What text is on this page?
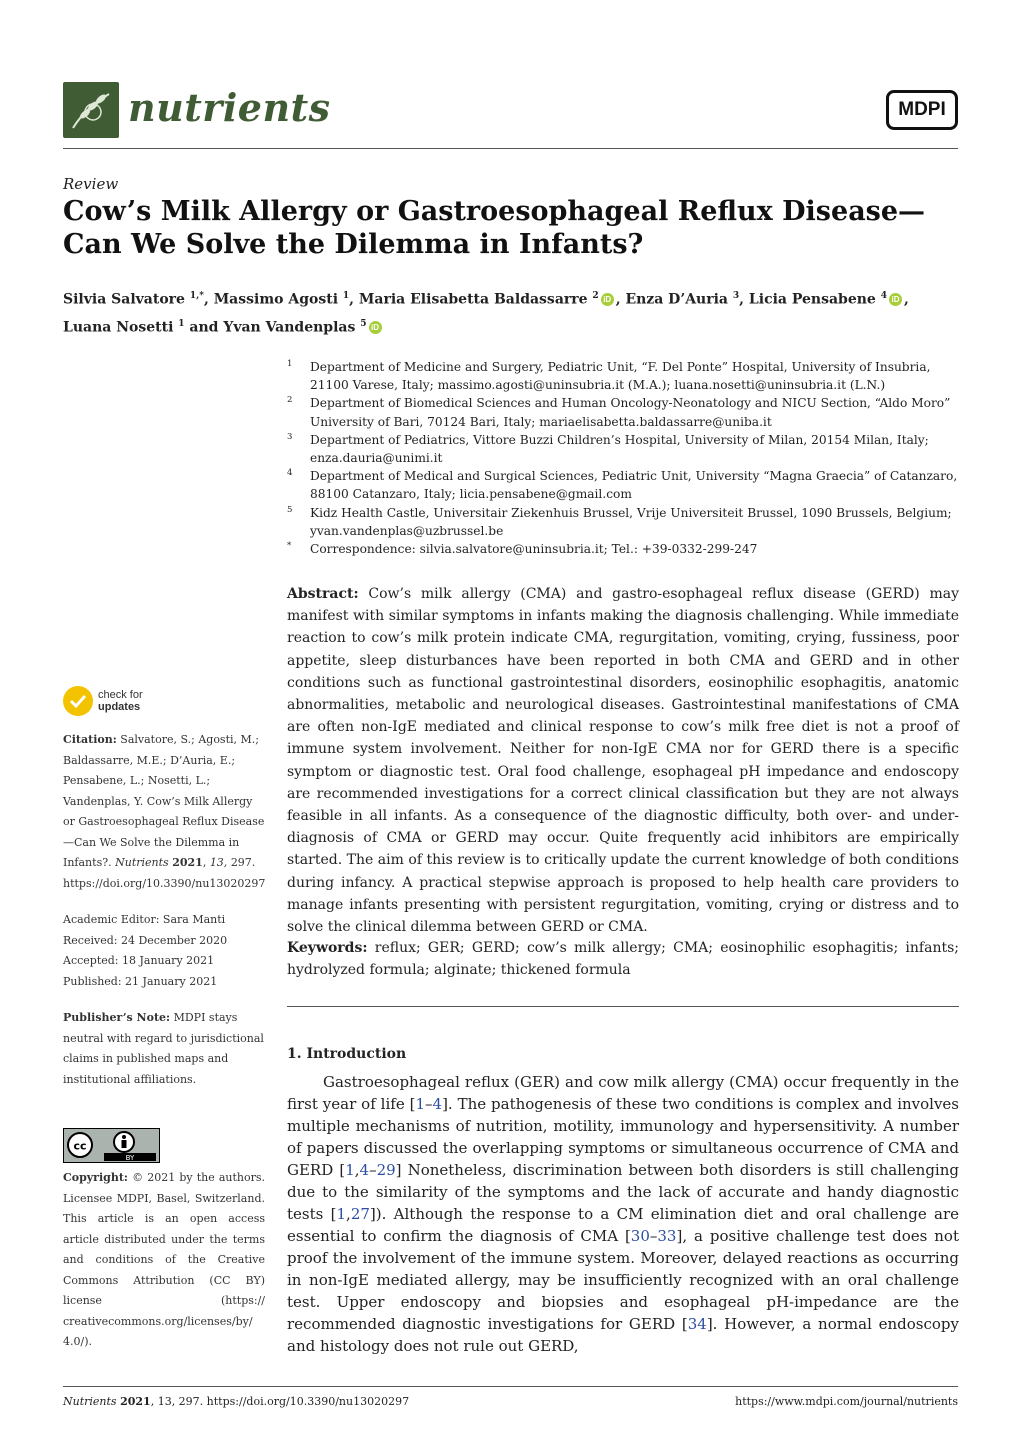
nutrients	MDPI
Review
Cow’s Milk Allergy or Gastroesophageal Reflux Disease—Can We Solve the Dilemma in Infants?
Silvia Salvatore $^{1,*}$, Massimo Agosti $^1$, Maria Elisabetta Baldassarre $^2$ iD , Enza D’Auria $^3$, Licia Pensabene $^4$ iD ,
Luana Nosetti $^1$ and Yvan Vandenplas $^5$ iD
1 Department of Medicine and Surgery, Pediatric Unit, “F. Del Ponte” Hospital, University of Insubria, 21100 Varese, Italy; massimo.agosti@uninsubria.it (M.A.); luana.nosetti@uninsubria.it (L.N.)
2 Department of Biomedical Sciences and Human Oncology-Neonatology and NICU Section, “Aldo Moro” University of Bari, 70124 Bari, Italy; mariaelisabetta.baldassarre@uniba.it
3 Department of Pediatrics, Vittore Buzzi Children’s Hospital, University of Milan, 20154 Milan, Italy; enza.dauria@unimi.it
4 Department of Medical and Surgical Sciences, Pediatric Unit, University “Magna Graecia” of Catanzaro, 88100 Catanzaro, Italy; licia.pensabene@gmail.com
5 Kidz Health Castle, Universitair Ziekenhuis Brussel, Vrije Universiteit Brussel, 1090 Brussels, Belgium; yvan.vandenplas@uzbrussel.be
* Correspondence: silvia.salvatore@uninsubria.it; Tel.: +39-0332-299-247
check for
updates
Citation: Salvatore, S.; Agosti, M.; Baldassarre, M.E.; D’Auria, E.; Pensabene, L.; Nosetti, L.; Vandenplas, Y. Cow’s Milk Allergy or Gastroesophageal Reflux Disease—Can We Solve the Dilemma in Infants?. Nutrients 2021, 13, 297. https://doi.org/10.3390/nu13020297
Academic Editor: Sara Manti
Received: 24 December 2020
Accepted: 18 January 2021
Published: 21 January 2021
Publisher’s Note: MDPI stays neutral with regard to jurisdictional claims in published maps and institutional affiliations.
Copyright: © 2021 by the authors. Licensee MDPI, Basel, Switzerland. This article is an open access article distributed under the terms and conditions of the Creative Commons Attribution (CC BY) license (https:// creativecommons.org/licenses/by/ 4.0/).
cc
BY
Abstract: Cow’s milk allergy (CMA) and gastro-esophageal reflux disease (GERD) may manifest with similar symptoms in infants making the diagnosis challenging. While immediate reaction to cow’s milk protein indicate CMA, regurgitation, vomiting, crying, fussiness, poor appetite, sleep disturbances have been reported in both CMA and GERD and in other conditions such as functional gastrointestinal disorders, eosinophilic esophagitis, anatomic abnormalities, metabolic and neurological diseases. Gastrointestinal manifestations of CMA are often non-IgE mediated and clinical response to cow’s milk free diet is not a proof of immune system involvement. Neither for non-IgE CMA nor for GERD there is a specific symptom or diagnostic test. Oral food challenge, esophageal pH impedance and endoscopy are recommended investigations for a correct clinical classification but they are not always feasible in all infants. As a consequence of the diagnostic difficulty, both over- and under- diagnosis of CMA or GERD may occur. Quite frequently acid inhibitors are empirically started. The aim of this review is to critically update the current knowledge of both conditions during infancy. A practical stepwise approach is proposed to help health care providers to manage infants presenting with persistent regurgitation, vomiting, crying or distress and to solve the clinical dilemma between GERD or CMA.
Keywords: reflux; GER; GERD; cow’s milk allergy; CMA; eosinophilic esophagitis; infants; hydrolyzed formula; alginate; thickened formula
1. Introduction

Gastroesophageal reflux (GER) and cow milk allergy (CMA) occur frequently in the first year of life [1–4]. The pathogenesis of these two conditions is complex and involves multiple mechanisms of nutrition, motility, immunology and hypersensitivity. A number of papers discussed the overlapping symptoms or simultaneous occurrence of CMA and GERD [1,4–29] Nonetheless, discrimination between both disorders is still challenging due to the similarity of the symptoms and the lack of accurate and handy diagnostic tests [1,27]). Although the response to a CM elimination diet and oral challenge are essential to confirm the diagnosis of CMA [30–33], a positive challenge test does not proof the involvement of the immune system. Moreover, delayed reactions as occurring in non-IgE mediated allergy, may be insufficiently recognized with an oral challenge test. Upper endoscopy and biopsies and esophageal pH-impedance are the recommended diagnostic investigations for GERD [34]. However, a normal endoscopy and histology does not rule out GERD,

Nutrients 2021, 13, 297. https://doi.org/10.3390/nu13020297	https://www.mdpi.com/journal/nutrients
